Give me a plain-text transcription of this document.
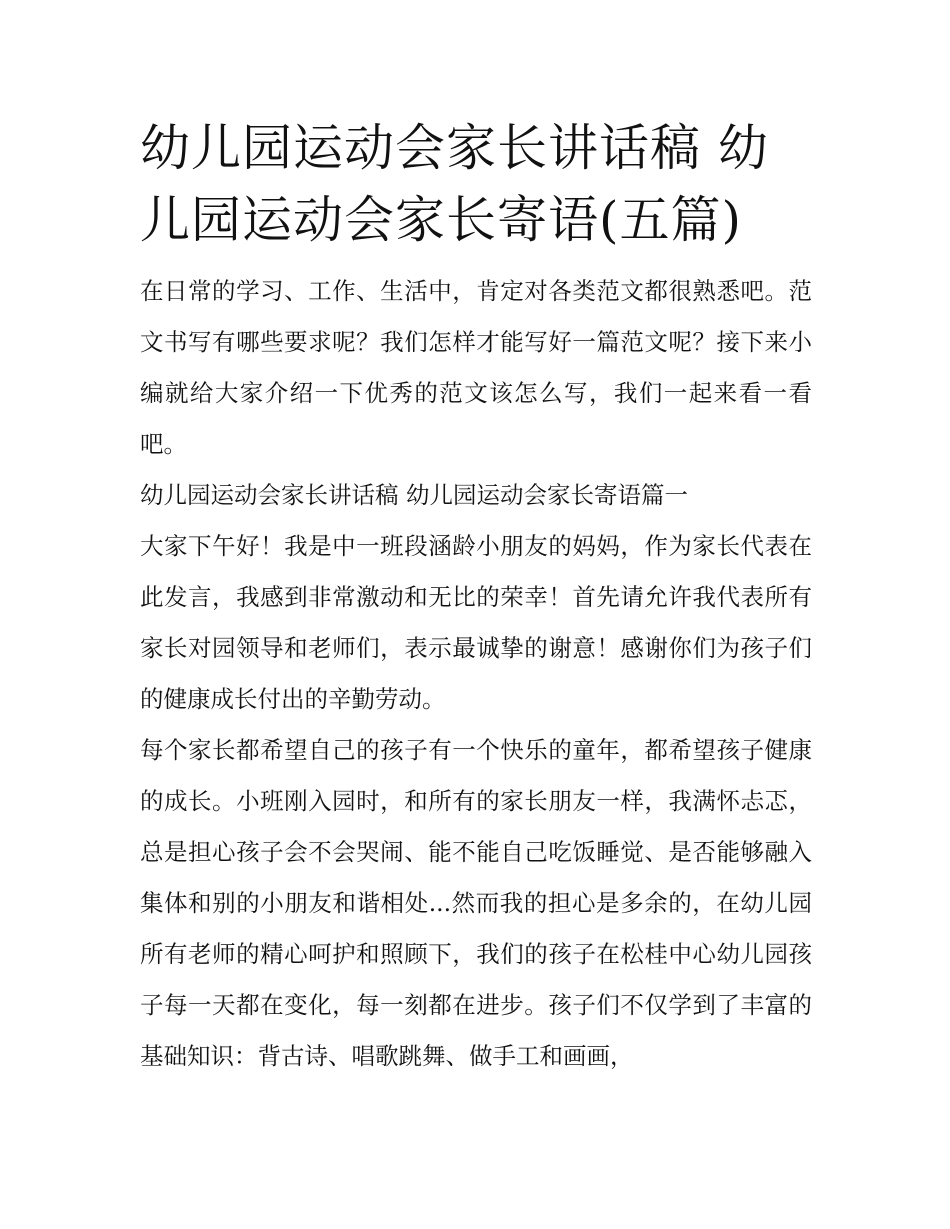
幼儿园运动会家长讲话稿 幼儿园运动会家长寄语(五篇)

在日常的学习、工作、生活中，肯定对各类范文都很熟悉吧。范文书写有哪些要求呢？我们怎样才能写好一篇范文呢？接下来小编就给大家介绍一下优秀的范文该怎么写，我们一起来看一看吧。

幼儿园运动会家长讲话稿 幼儿园运动会家长寄语篇一

大家下午好！我是中一班段涵龄小朋友的妈妈，作为家长代表在此发言，我感到非常激动和无比的荣幸！首先请允许我代表所有家长对园领导和老师们，表示最诚挚的谢意！感谢你们为孩子们的健康成长付出的辛勤劳动。

每个家长都希望自己的孩子有一个快乐的童年，都希望孩子健康的成长。小班刚入园时，和所有的家长朋友一样，我满怀忐忑，总是担心孩子会不会哭闹、能不能自己吃饭睡觉、是否能够融入集体和别的小朋友和谐相处...然而我的担心是多余的，在幼儿园所有老师的精心呵护和照顾下，我们的孩子在松桂中心幼儿园孩子每一天都在变化，每一刻都在进步。孩子们不仅学到了丰富的基础知识：背古诗、唱歌跳舞、做手工和画画，
